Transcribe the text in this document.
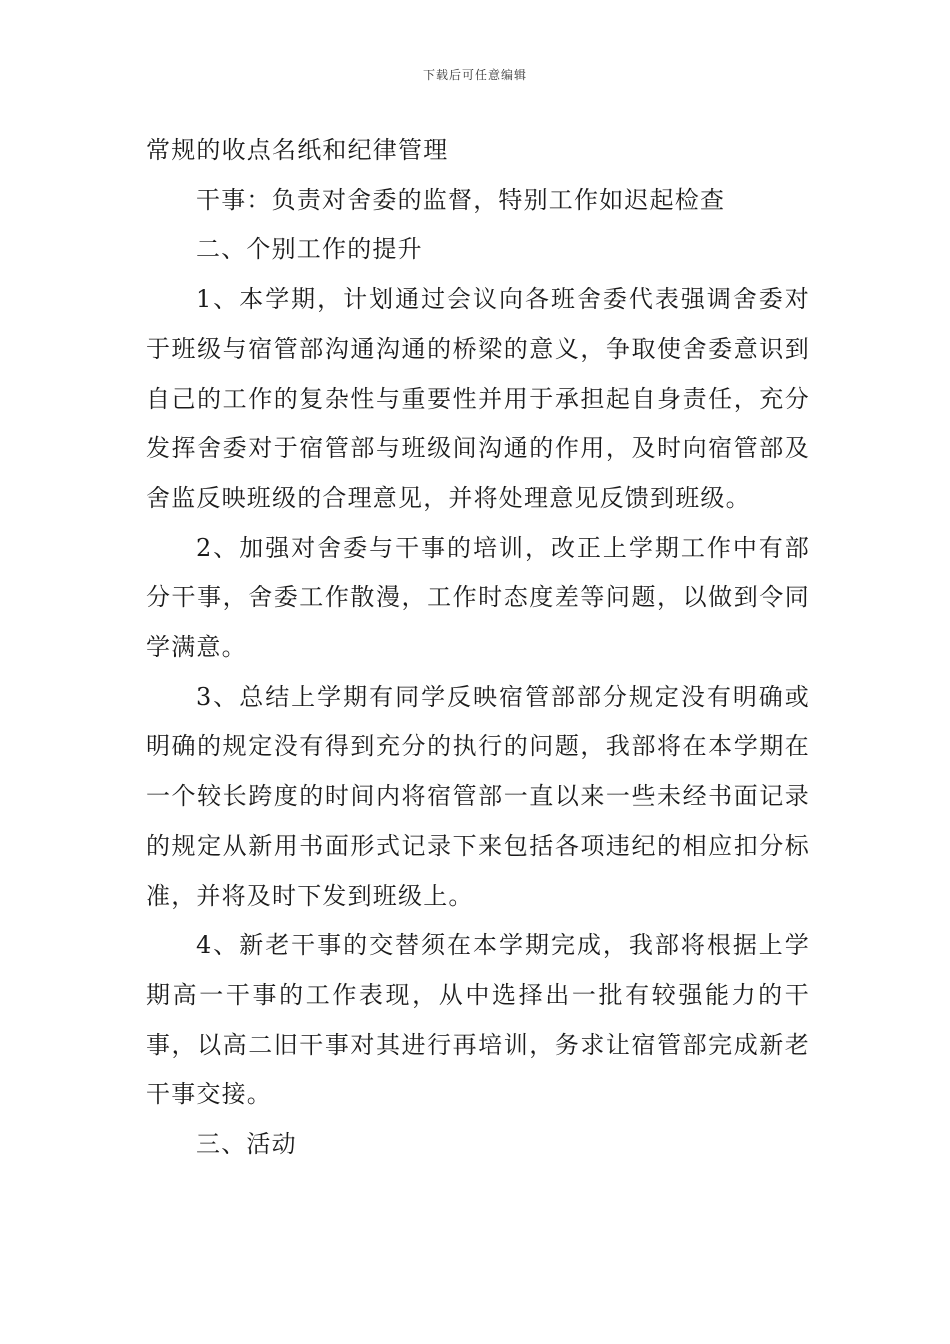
下载后可任意编辑

常规的收点名纸和纪律管理

干事：负责对舍委的监督，特别工作如迟起检查

二、个别工作的提升

1、本学期，计划通过会议向各班舍委代表强调舍委对于班级与宿管部沟通沟通的桥梁的意义，争取使舍委意识到自己的工作的复杂性与重要性并用于承担起自身责任，充分发挥舍委对于宿管部与班级间沟通的作用，及时向宿管部及舍监反映班级的合理意见，并将处理意见反馈到班级。

2、加强对舍委与干事的培训，改正上学期工作中有部分干事，舍委工作散漫，工作时态度差等问题，以做到令同学满意。

3、总结上学期有同学反映宿管部部分规定没有明确或明确的规定没有得到充分的执行的问题，我部将在本学期在一个较长跨度的时间内将宿管部一直以来一些未经书面记录的规定从新用书面形式记录下来包括各项违纪的相应扣分标准，并将及时下发到班级上。

4、新老干事的交替须在本学期完成，我部将根据上学期高一干事的工作表现，从中选择出一批有较强能力的干事，以高二旧干事对其进行再培训，务求让宿管部完成新老干事交接。

三、活动
